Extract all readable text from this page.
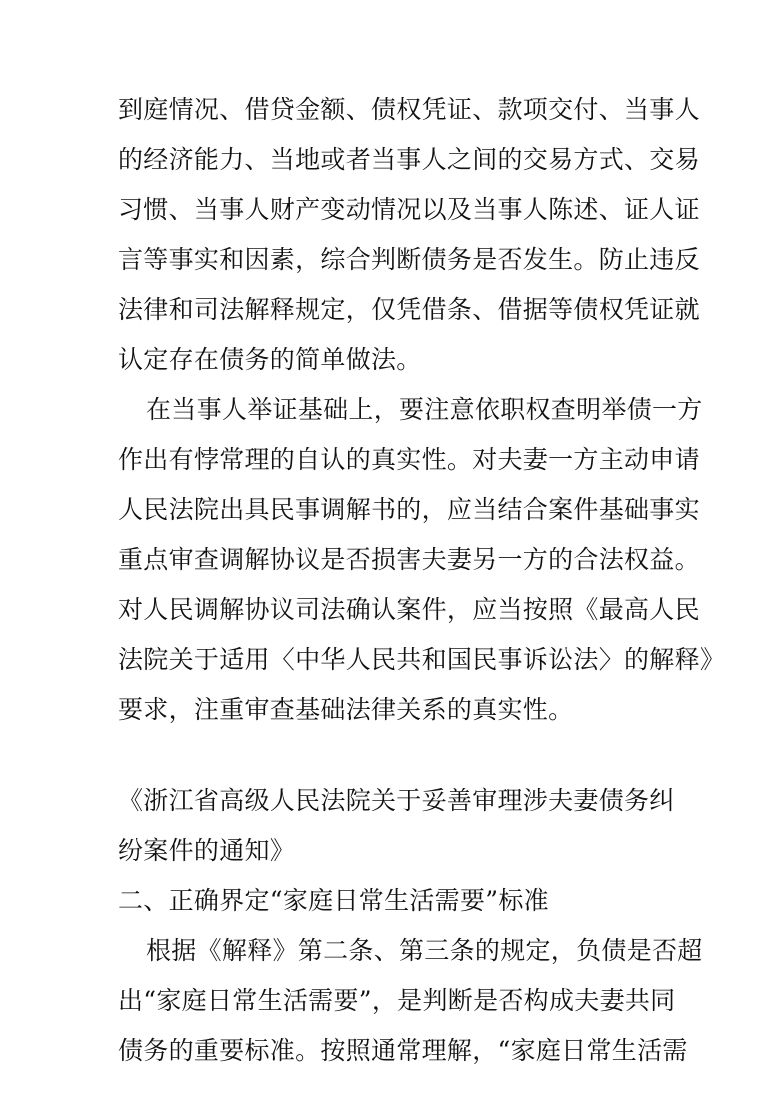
到庭情况、借贷金额、债权凭证、款项交付、当事人
的经济能力、当地或者当事人之间的交易方式、交易
习惯、当事人财产变动情况以及当事人陈述、证人证
言等事实和因素，综合判断债务是否发生。防止违反
法律和司法解释规定，仅凭借条、借据等债权凭证就
认定存在债务的简单做法。
在当事人举证基础上，要注意依职权查明举债一方
作出有悖常理的自认的真实性。对夫妻一方主动申请
人民法院出具民事调解书的，应当结合案件基础事实
重点审查调解协议是否损害夫妻另一方的合法权益。
对人民调解协议司法确认案件，应当按照《最高人民
法院关于适用〈中华人民共和国民事诉讼法〉的解释》
要求，注重审查基础法律关系的真实性。
《浙江省高级人民法院关于妥善审理涉夫妻债务纠
纷案件的通知》
二、正确界定“家庭日常生活需要”标准
根据《解释》第二条、第三条的规定，负债是否超
出“家庭日常生活需要”，是判断是否构成夫妻共同
债务的重要标准。按照通常理解，“家庭日常生活需
